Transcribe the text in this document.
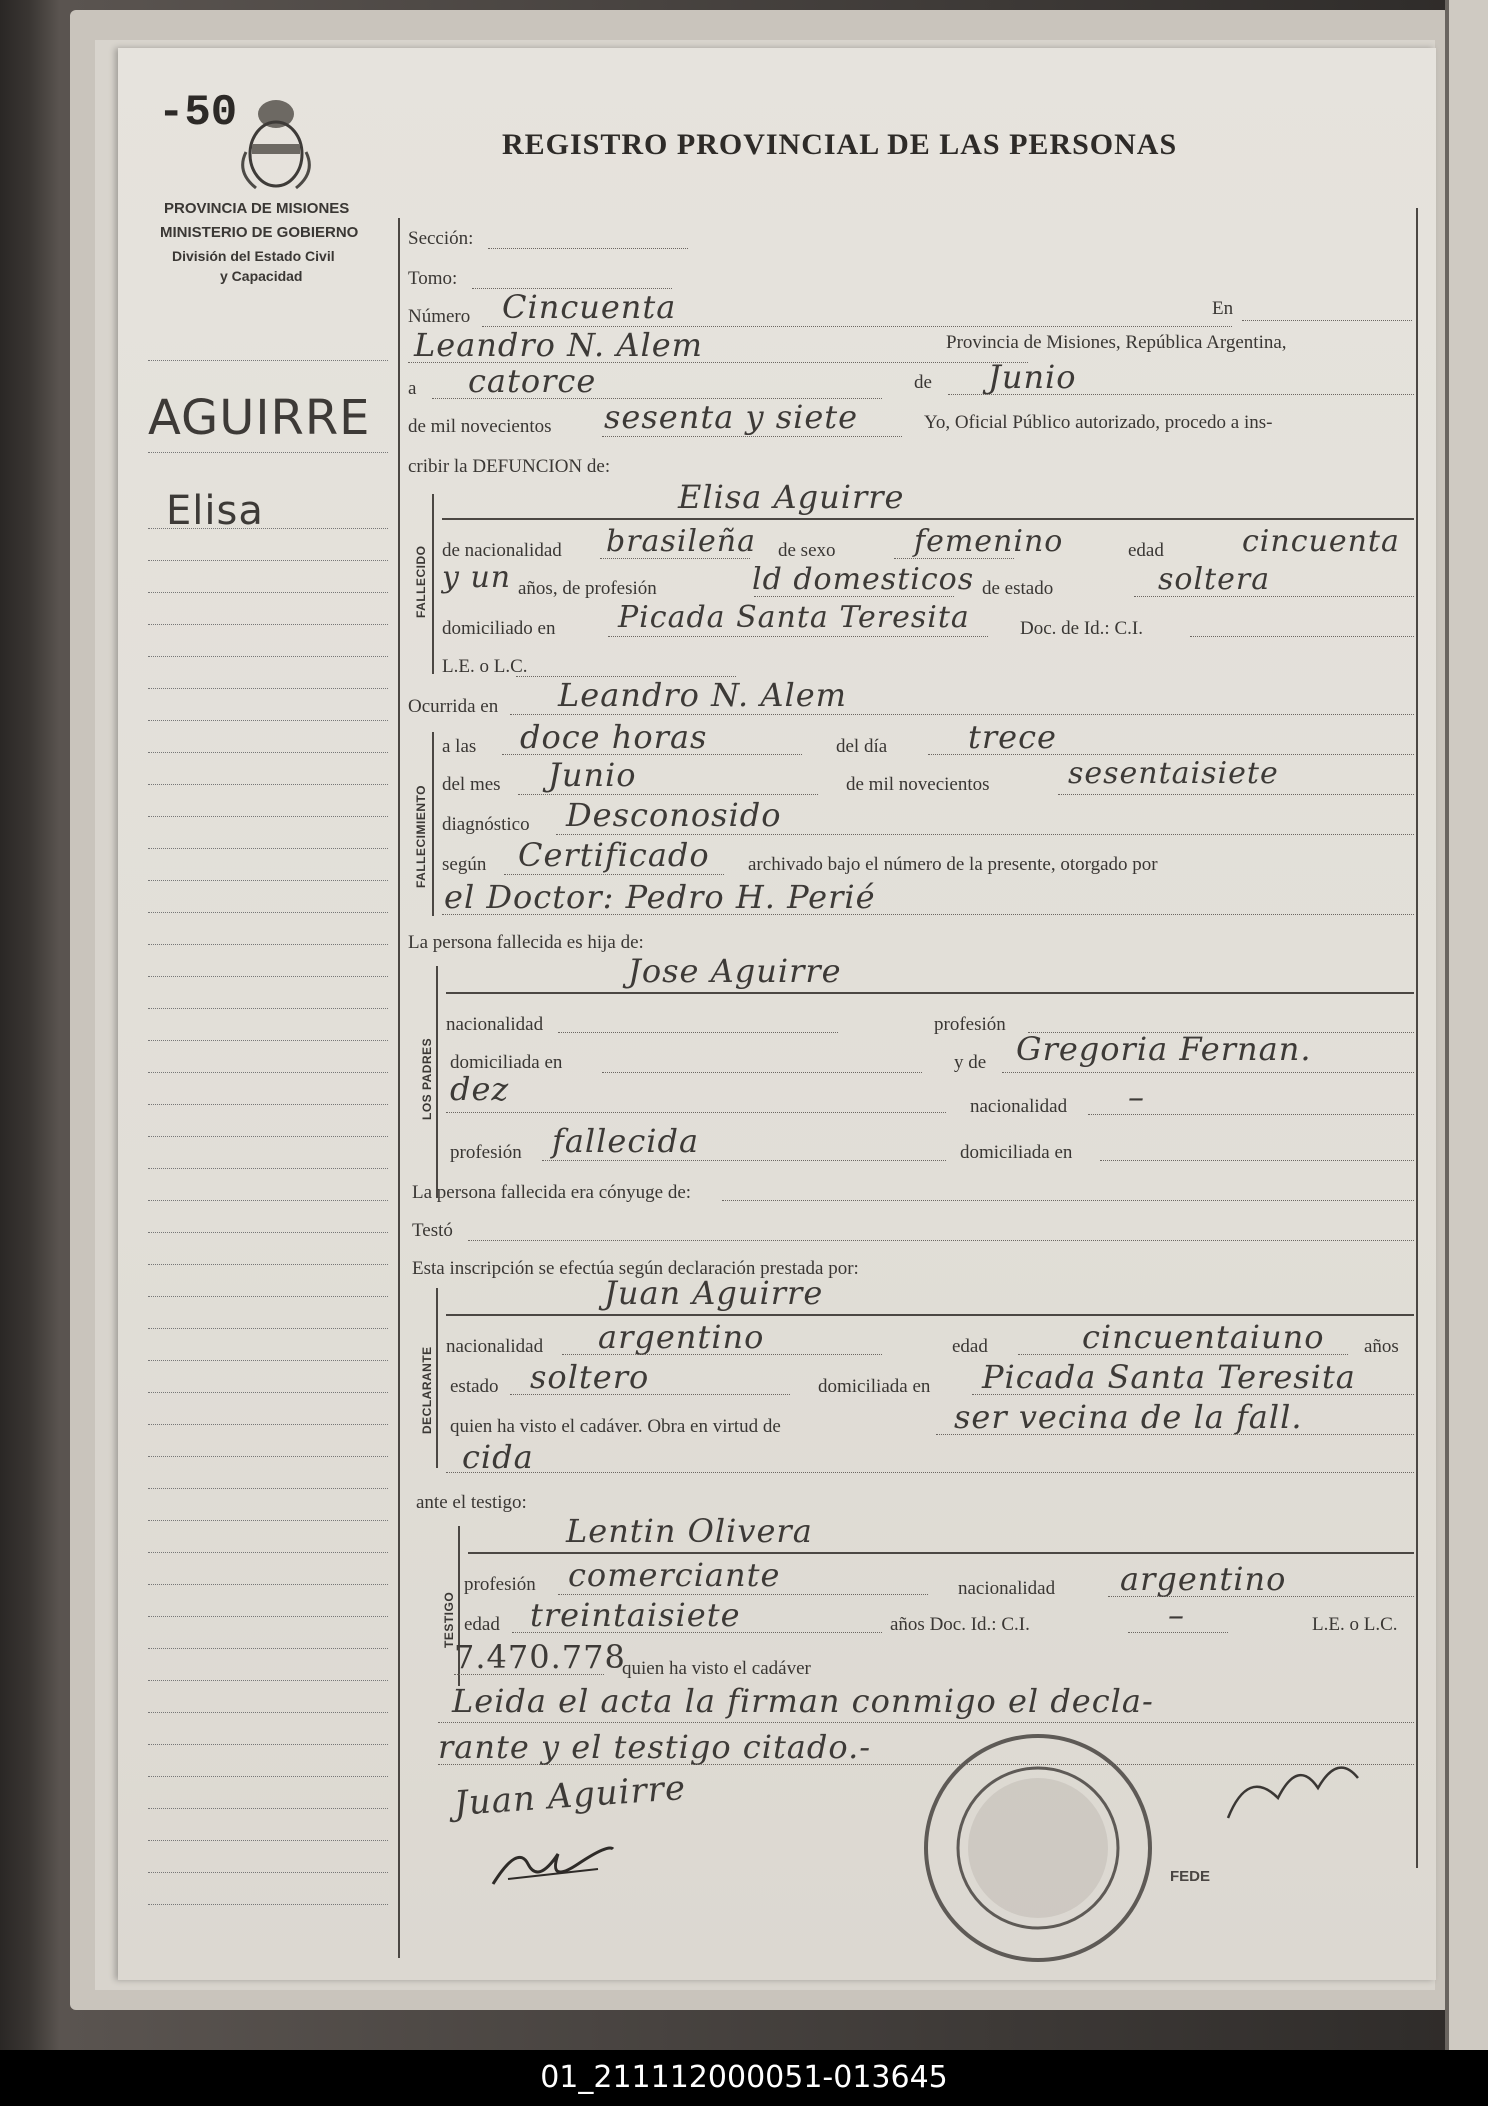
-50
PROVINCIA DE MISIONES
MINISTERIO DE GOBIERNO
División del Estado Civil
y Capacidad
REGISTRO PROVINCIAL DE LAS PERSONAS
AGUIRRE
Elisa
Sección:
Tomo:
Número Cincuenta	En
Leandro N. Alem	Provincia de Misiones, República Argentina,
a catorce	de Junio
de mil novecientos sesenta y siete	Yo, Oficial Público autorizado, procedo a ins-
cribir la DEFUNCION de:
FALLECIDO
Elisa Aguirre
de nacionalidad brasileña de sexo	femenino	edad	cincuenta
y un años, de profesión	ld domesticos de estado	soltera
domiciliado en Picada Santa Teresita	Doc. de Id.: C.I.
L.E. o L.C.
Ocurrida en Leandro N. Alem
FALLECIMIENTO
a las doce horas	del día	trece
del mes Junio	de mil novecientos	sesentaisiete
diagnóstico Desconosido
según Certificado archivado bajo el número de la presente, otorgado por
el Doctor: Pedro H. Perié
La persona fallecida es hija de:
LOS PADRES
Jose Aguirre
nacionalidad	profesión
domiciliada en	y de Gregoria Fernan.
dez	nacionalidad –
profesión fallecida	domiciliada en
La persona fallecida era cónyuge de:
Testó
Esta inscripción se efectúa según declaración prestada por:
DECLARANTE
Juan Aguirre
nacionalidad argentino	edad	cincuentaiuno años
estado soltero	domiciliada en Picada Santa Teresita
quien ha visto el cadáver. Obra en virtud de	ser vecina de la fall.
cida
ante el testigo:
TESTIGO
Lentin Olivera
profesión comerciante	nacionalidad argentino
edad treintaisiete	años Doc. Id.: C.I.	–	L.E. o L.C.
7.470.778
quien ha visto el cadáver
Leida el acta la firman conmigo el decla-
rante y el testigo citado.-
Juan Aguirre
FEDE
01_211112000051-013645
